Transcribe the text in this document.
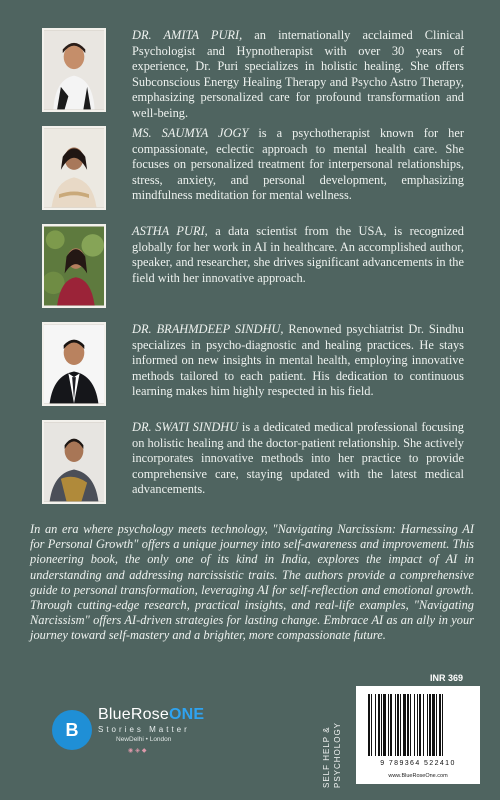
DR. AMITA PURI, an internationally acclaimed Clinical Psychologist and Hypnotherapist with over 30 years of experience, Dr. Puri specializes in holistic healing. She offers Subconscious Energy Healing Therapy and Psycho Astro Therapy, emphasizing personalized care for profound transformation and well-being.
MS. SAUMYA JOGY is a psychotherapist known for her compassionate, eclectic approach to mental health care. She focuses on personalized treatment for interpersonal relationships, stress, anxiety, and personal development, emphasizing mindfulness meditation for mental wellness.
ASTHA PURI, a data scientist from the USA, is recognized globally for her work in AI in healthcare. An accomplished author, speaker, and researcher, she drives significant advancements in the field with her innovative approach.
DR. BRAHMDEEP SINDHU, Renowned psychiatrist Dr. Sindhu specializes in psycho-diagnostic and healing practices. He stays informed on new insights in mental health, employing innovative methods tailored to each patient. His dedication to continuous learning makes him highly respected in his field.
DR. SWATI SINDHU is a dedicated medical professional focusing on holistic healing and the doctor-patient relationship. She actively incorporates innovative methods into her practice to provide comprehensive care, staying updated with the latest medical advancements.

In an era where psychology meets technology, "Navigating Narcissism: Harnessing AI for Personal Growth" offers a unique journey into self-awareness and improvement. This pioneering book, the only one of its kind in India, explores the impact of AI in understanding and addressing narcissistic traits. The authors provide a comprehensive guide to personal transformation, leveraging AI for self-reflection and emotional growth. Through cutting-edge research, practical insights, and real-life examples, "Navigating Narcissism" offers AI-driven strategies for lasting change. Embrace AI as an ally in your journey toward self-mastery and a brighter, more compassionate future.

INR 369
B
BlueRoseONE
Stories Matter
NewDelhi • London
◉◈◆	SELF HELP & PSYCHOLOGY	9 789364 522410
www.BlueRoseOne.com
